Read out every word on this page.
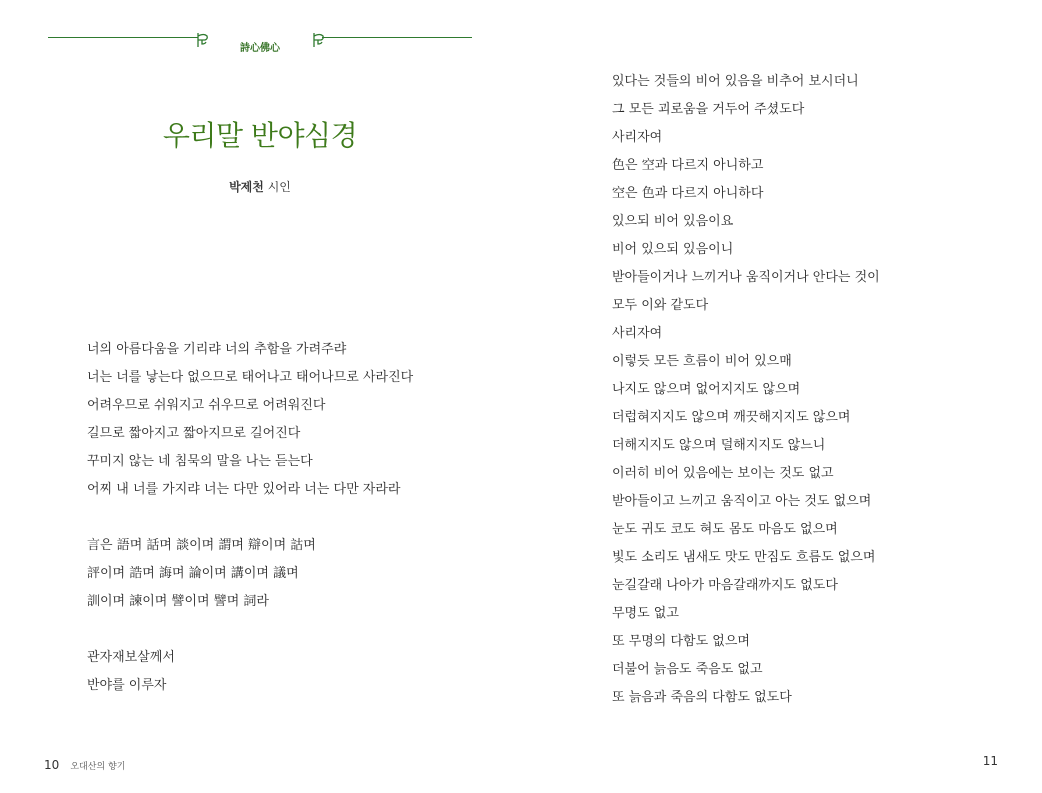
詩心佛心
우리말 반야심경
박제천 시인
너의 아름다움을 기리랴 너의 추함을 가려주랴
너는 너를 낳는다 없으므로 태어나고 태어나므로 사라진다
어려우므로 쉬워지고 쉬우므로 어려워진다
길므로 짧아지고 짧아지므로 길어진다
꾸미지 않는 네 침묵의 말을 나는 듣는다
어찌 내 너를 가지랴 너는 다만 있어라 너는 다만 자라라
言은 語며 話며 談이며 謂며 辯이며 詁며
評이며 誥며 誨며 論이며 講이며 議며
訓이며 諫이며 譬이며 譬며 詞라
관자재보살께서
반야를 이루자
있다는 것들의 비어 있음을 비추어 보시더니
그 모든 괴로움을 거두어 주셨도다
사리자여
色은 空과 다르지 아니하고
空은 色과 다르지 아니하다
있으되 비어 있음이요
비어 있으되 있음이니
받아들이거나 느끼거나 움직이거나 안다는 것이
모두 이와 같도다
사리자여
이렇듯 모든 흐름이 비어 있으매
나지도 않으며 없어지지도 않으며
더럽혀지지도 않으며 깨끗해지지도 않으며
더해지지도 않으며 덜해지지도 않느니
이러히 비어 있음에는 보이는 것도 없고
받아들이고 느끼고 움직이고 아는 것도 없으며
눈도 귀도 코도 혀도 몸도 마음도 없으며
빛도 소리도 냄새도 맛도 만짐도 흐름도 없으며
눈길갈래 나아가 마음갈래까지도 없도다
무명도 없고
또 무명의 다함도 없으며
더불어 늙음도 죽음도 없고
또 늙음과 죽음의 다함도 없도다
10 오대산의 향기	11
